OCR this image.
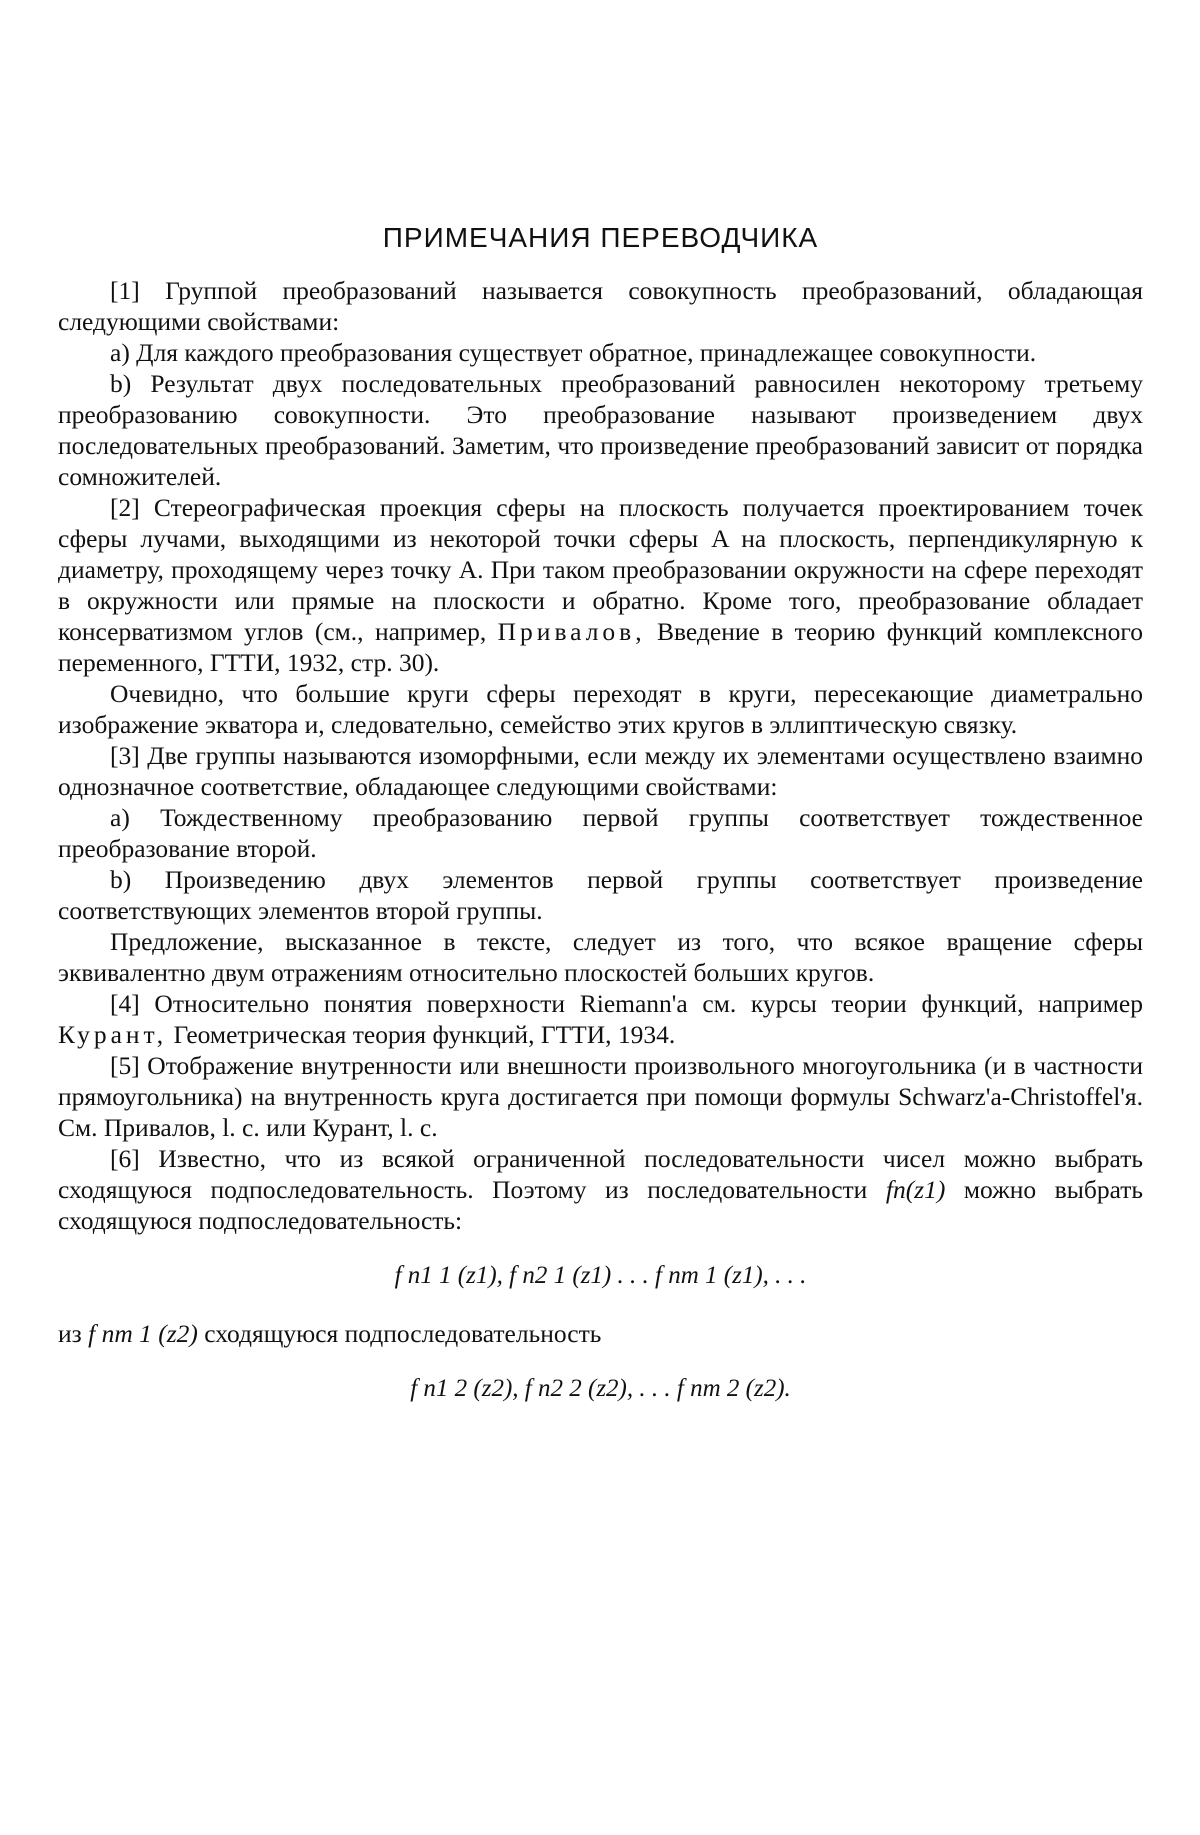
ПРИМЕЧАНИЯ ПЕРЕВОДЧИКА

[1] Группой преобразований называется совокупность преобразований, обладающая следующими свойствами:

a) Для каждого преобразования существует обратное, принадлежащее совокупности.

b) Результат двух последовательных преобразований равносилен некоторому третьему преобразованию совокупности. Это преобразование называют произведением двух последовательных преобразований. Заметим, что произведение преобразований зависит от порядка сомножителей.

[2] Стереографическая проекция сферы на плоскость получается проектированием точек сферы лучами, выходящими из некоторой точки сферы A на плоскость, перпендикулярную к диаметру, проходящему через точку A. При таком преобразовании окружности на сфере переходят в окружности или прямые на плоскости и обратно. Кроме того, преобразование обладает консерватизмом углов (см., например, Привалов, Введение в теорию функций комплексного переменного, ГТТИ, 1932, стр. 30).

Очевидно, что большие круги сферы переходят в круги, пересекающие диаметрально изображение экватора и, следовательно, семейство этих кругов в эллиптическую связку.

[3] Две группы называются изоморфными, если между их элементами осуществлено взаимно однозначное соответствие, обладающее следующими свойствами:

a) Тождественному преобразованию первой группы соответствует тождественное преобразование второй.

b) Произведению двух элементов первой группы соответствует произведение соответствующих элементов второй группы.

Предложение, высказанное в тексте, следует из того, что всякое вращение сферы эквивалентно двум отражениям относительно плоскостей больших кругов.

[4] Относительно понятия поверхности Riemann'a см. курсы теории функций, например Курант, Геометрическая теория функций, ГТТИ, 1934.

[5] Отображение внутренности или внешности произвольного многоугольника (и в частности прямоугольника) на внутренность круга достигается при помощи формулы Schwarz'a-Christoffel'я. См. Привалов, l. c. или Курант, l. c.

[6] Известно, что из всякой ограниченной последовательности чисел можно выбрать сходящуюся подпоследовательность. Поэтому из последовательности fn(z1) можно выбрать сходящуюся подпоследовательность:

f n1 1 (z1), f n2 1 (z1) . . . f nm 1 (z1), . . .

из f nm 1 (z2) сходящуюся подпоследовательность

f n1 2 (z2), f n2 2 (z2), . . . f nm 2 (z2).
